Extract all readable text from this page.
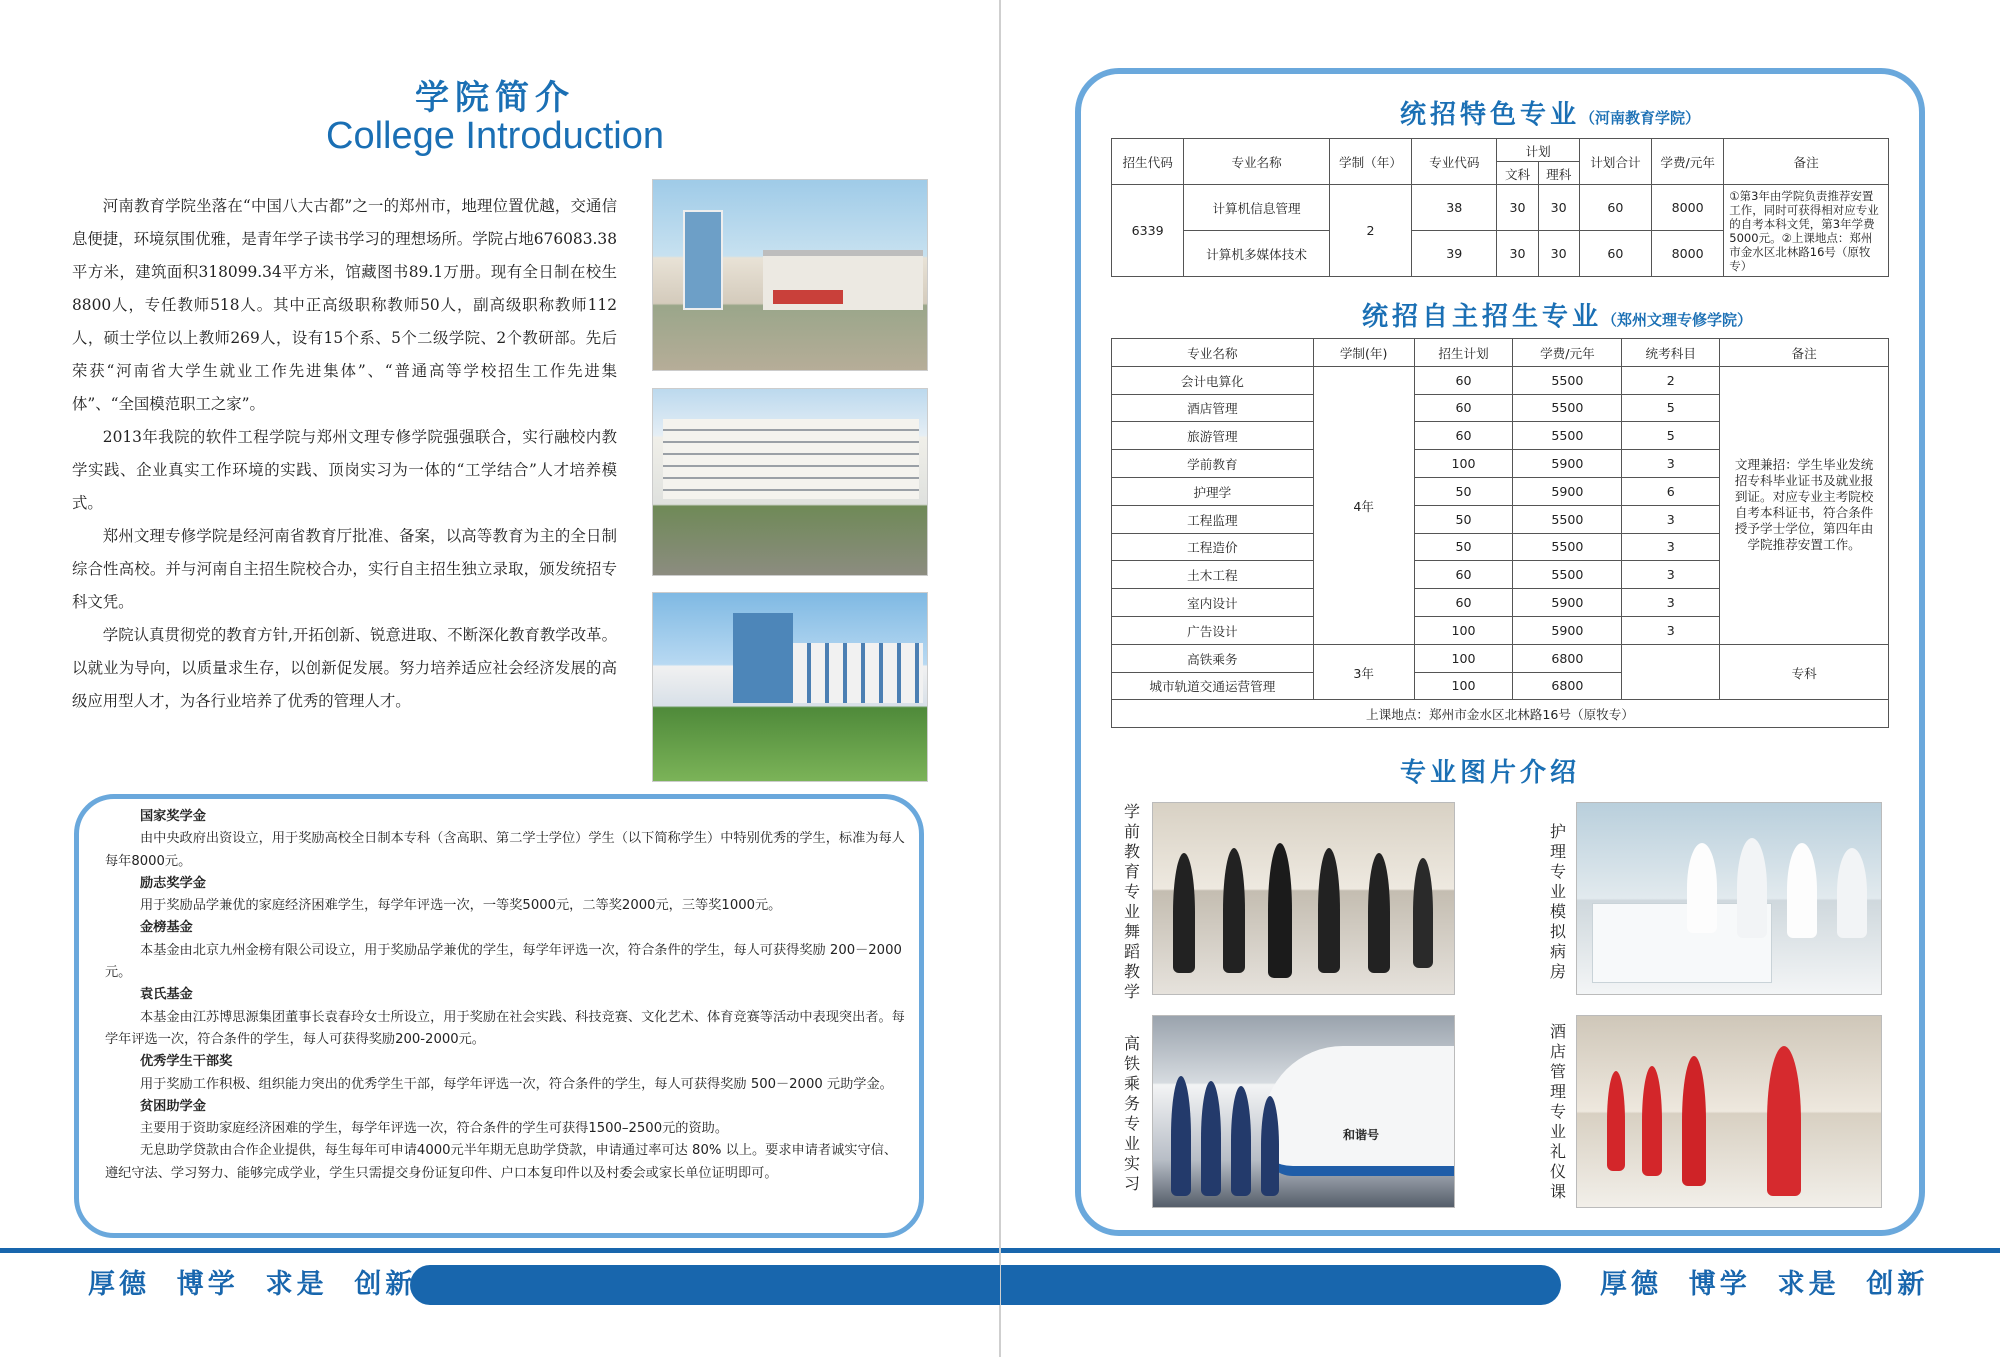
学院简介
College Introduction

河南教育学院坐落在“中国八大古都”之一的郑州市，地理位置优越，交通信息便捷，环境氛围优雅，是青年学子读书学习的理想场所。学院占地676083.38平方米，建筑面积318099.34平方米，馆藏图书89.1万册。现有全日制在校生8800人，专任教师518人。其中正高级职称教师50人，副高级职称教师112人，硕士学位以上教师269人，设有15个系、5个二级学院、2个教研部。先后荣获“河南省大学生就业工作先进集体”、“普通高等学校招生工作先进集体”、“全国模范职工之家”。

2013年我院的软件工程学院与郑州文理专修学院强强联合，实行融校内教学实践、企业真实工作环境的实践、顶岗实习为一体的“工学结合”人才培养模式。

郑州文理专修学院是经河南省教育厅批准、备案，以高等教育为主的全日制综合性高校。并与河南自主招生院校合办，实行自主招生独立录取，颁发统招专科文凭。

学院认真贯彻党的教育方针,开拓创新、锐意进取、不断深化教育教学改革。以就业为导向，以质量求生存，以创新促发展。努力培养适应社会经济发展的高级应用型人才，为各行业培养了优秀的管理人才。

国家奖学金
由中央政府出资设立，用于奖励高校全日制本专科（含高职、第二学士学位）学生（以下简称学生）中特别优秀的学生，标准为每人每年8000元。
励志奖学金
用于奖励品学兼优的家庭经济困难学生，每学年评选一次，一等奖5000元，二等奖2000元，三等奖1000元。
金榜基金
本基金由北京九州金榜有限公司设立，用于奖励品学兼优的学生，每学年评选一次，符合条件的学生，每人可获得奖励 200－2000 元。
袁氏基金
本基金由江苏博思源集团董事长袁春玲女士所设立，用于奖励在社会实践、科技竞赛、文化艺术、体育竞赛等活动中表现突出者。每学年评选一次，符合条件的学生，每人可获得奖励200-2000元。
优秀学生干部奖
用于奖励工作积极、组织能力突出的优秀学生干部，每学年评选一次，符合条件的学生，每人可获得奖励 500－2000 元助学金。
贫困助学金
主要用于资助家庭经济困难的学生，每学年评选一次，符合条件的学生可获得1500–2500元的资助。
无息助学贷款由合作企业提供，每生每年可申请4000元半年期无息助学贷款，申请通过率可达 80% 以上。要求申请者诚实守信、遵纪守法、学习努力、能够完成学业，学生只需提交身份证复印件、户口本复印件以及村委会或家长单位证明即可。
厚德  博学  求是  创新	厚德  博学  求是  创新
统招特色专业（河南教育学院）
招生代码	专业名称	学制（年）	专业代码	计划		计划合计	学费/元年	备注
				文科	理科			
6339	计算机信息管理	2	38	30	30	60	8000	①第3年由学院负责推荐安置工作，同时可获得相对应专业的自考本科文凭，第3年学费5000元。②上课地点：郑州市金水区北林路16号（原牧专）
	计算机多媒体技术		39	30	30	60	8000	
统招自主招生专业（郑州文理专修学院）
专业名称	学制(年)	招生计划	学费/元年	统考科目	备注
会计电算化	4年	60	5500	2	文理兼招：学生毕业发统招专科毕业证书及就业报到证。对应专业主考院校自考本科证书，符合条件授予学士学位，第四年由学院推荐安置工作。
酒店管理		60	5500	5	
旅游管理		60	5500	5	
学前教育		100	5900	3	
护理学		50	5900	6	
工程监理		50	5500	3	
工程造价		50	5500	3	
土木工程		60	5500	3	
室内设计		60	5900	3	
广告设计		100	5900	3	
高铁乘务	3年	100	6800		专科
城市轨道交通运营管理		100	6800		
上课地点：郑州市金水区北林路16号（原牧专）					
专业图片介绍
学前教育专业舞蹈教学
护理专业模拟病房
高铁乘务专业实习
和谐号
酒店管理专业礼仪课
